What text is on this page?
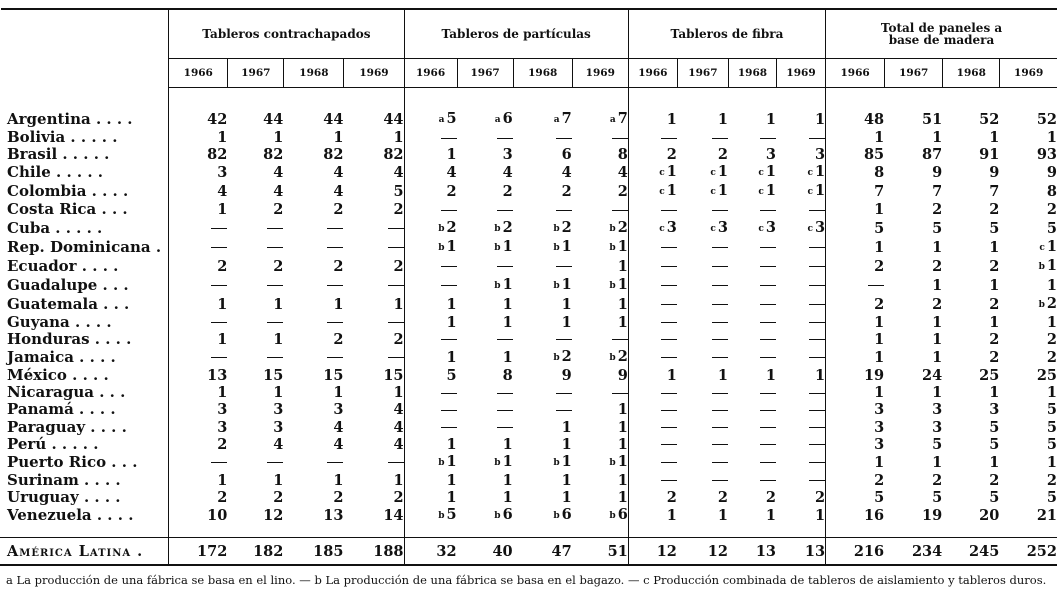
	Tableros contrachapados				Tableros de partículas				Tableros de fibra				Total de paneles a base de madera			

	1966	1967	1968	1969	1966	1967	1968	1969	1966	1967	1968	1969	1966	1967	1968	1969

Argentina . . . .	42	44	44	44	a 5	a 6	a 7	a 7	1	1	1	1	48	51	52	52
Bolivia . . . . .	1	1	1	1									1	1	1	1
Brasil . . . . .	82	82	82	82	1	3	6	8	2	2	3	3	85	87	91	93
Chile . . . . .	3	4	4	4	4	4	4	4	c 1	c 1	c 1	c 1	8	9	9	9
Colombia . . . .	4	4	4	5	2	2	2	2	c 1	c 1	c 1	c 1	7	7	7	8
Costa Rica . . .	1	2	2	2									1	2	2	2
Cuba . . . . .					b 2	b 2	b 2	b 2	c 3	c 3	c 3	c 3	5	5	5	5
Rep. Dominicana .					b 1	b 1	b 1	b 1					1	1	1	c 1
Ecuador . . . .	2	2	2	2				1					2	2	2	b 1
Guadalupe . . .						b 1	b 1	b 1						1	1	1
Guatemala . . .	1	1	1	1	1	1	1	1					2	2	2	b 2
Guyana . . . .					1	1	1	1					1	1	1	1
Honduras . . . .	1	1	2	2									1	1	2	2
Jamaica . . . .					1	1	b 2	b 2					1	1	2	2
México . . . .	13	15	15	15	5	8	9	9	1	1	1	1	19	24	25	25
Nicaragua . . .	1	1	1	1									1	1	1	1
Panamá . . . .	3	3	3	4				1					3	3	3	5
Paraguay . . . .	3	3	4	4			1	1					3	3	5	5
Perú . . . . .	2	4	4	4	1	1	1	1					3	5	5	5
Puerto Rico . . .					b 1	b 1	b 1	b 1					1	1	1	1
Surinam . . . .	1	1	1	1	1	1	1	1					2	2	2	2
Uruguay . . . .	2	2	2	2	1	1	1	1	2	2	2	2	5	5	5	5
Venezuela . . . .	10	12	13	14	b 5	b 6	b 6	b 6	1	1	1	1	16	19	20	21

América Latina .	172	182	185	188	32	40	47	51	12	12	13	13	216	234	245	252
a La producción de una fábrica se basa en el lino. — b La producción de una fábrica se basa en el bagazo. — c Producción combinada de tableros de aislamiento y tableros duros.
